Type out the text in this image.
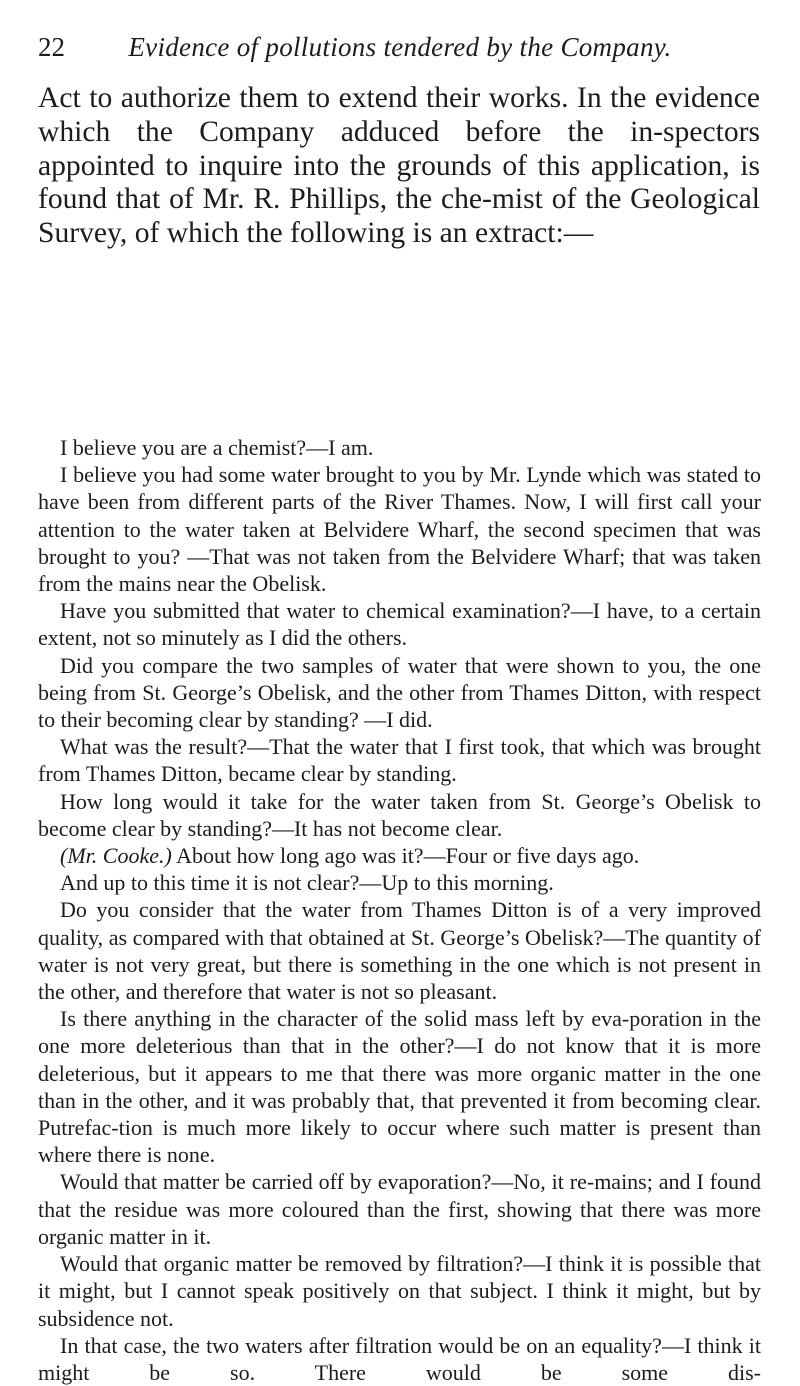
22	Evidence of pollutions tendered by the Company.

Act to authorize them to extend their works. In the evidence which the Company adduced before the in-spectors appointed to inquire into the grounds of this application, is found that of Mr. R. Phillips, the che-mist of the Geological Survey, of which the following is an extract:—

I believe you are a chemist?—I am.

I believe you had some water brought to you by Mr. Lynde which was stated to have been from different parts of the River Thames. Now, I will first call your attention to the water taken at Belvidere Wharf, the second specimen that was brought to you? —That was not taken from the Belvidere Wharf; that was taken from the mains near the Obelisk.

Have you submitted that water to chemical examination?—I have, to a certain extent, not so minutely as I did the others.

Did you compare the two samples of water that were shown to you, the one being from St. George’s Obelisk, and the other from Thames Ditton, with respect to their becoming clear by standing? —I did.

What was the result?—That the water that I first took, that which was brought from Thames Ditton, became clear by standing.

How long would it take for the water taken from St. George’s Obelisk to become clear by standing?—It has not become clear.

(Mr. Cooke.) About how long ago was it?—Four or five days ago.

And up to this time it is not clear?—Up to this morning.

Do you consider that the water from Thames Ditton is of a very improved quality, as compared with that obtained at St. George’s Obelisk?—The quantity of water is not very great, but there is something in the one which is not present in the other, and therefore that water is not so pleasant.

Is there anything in the character of the solid mass left by eva-poration in the one more deleterious than that in the other?—I do not know that it is more deleterious, but it appears to me that there was more organic matter in the one than in the other, and it was probably that, that prevented it from becoming clear. Putrefac-tion is much more likely to occur where such matter is present than where there is none.

Would that matter be carried off by evaporation?—No, it re-mains; and I found that the residue was more coloured than the first, showing that there was more organic matter in it.

Would that organic matter be removed by filtration?—I think it is possible that it might, but I cannot speak positively on that subject. I think it might, but by subsidence not.

In that case, the two waters after filtration would be on an equality?—I think it might be so. There would be some dis-
